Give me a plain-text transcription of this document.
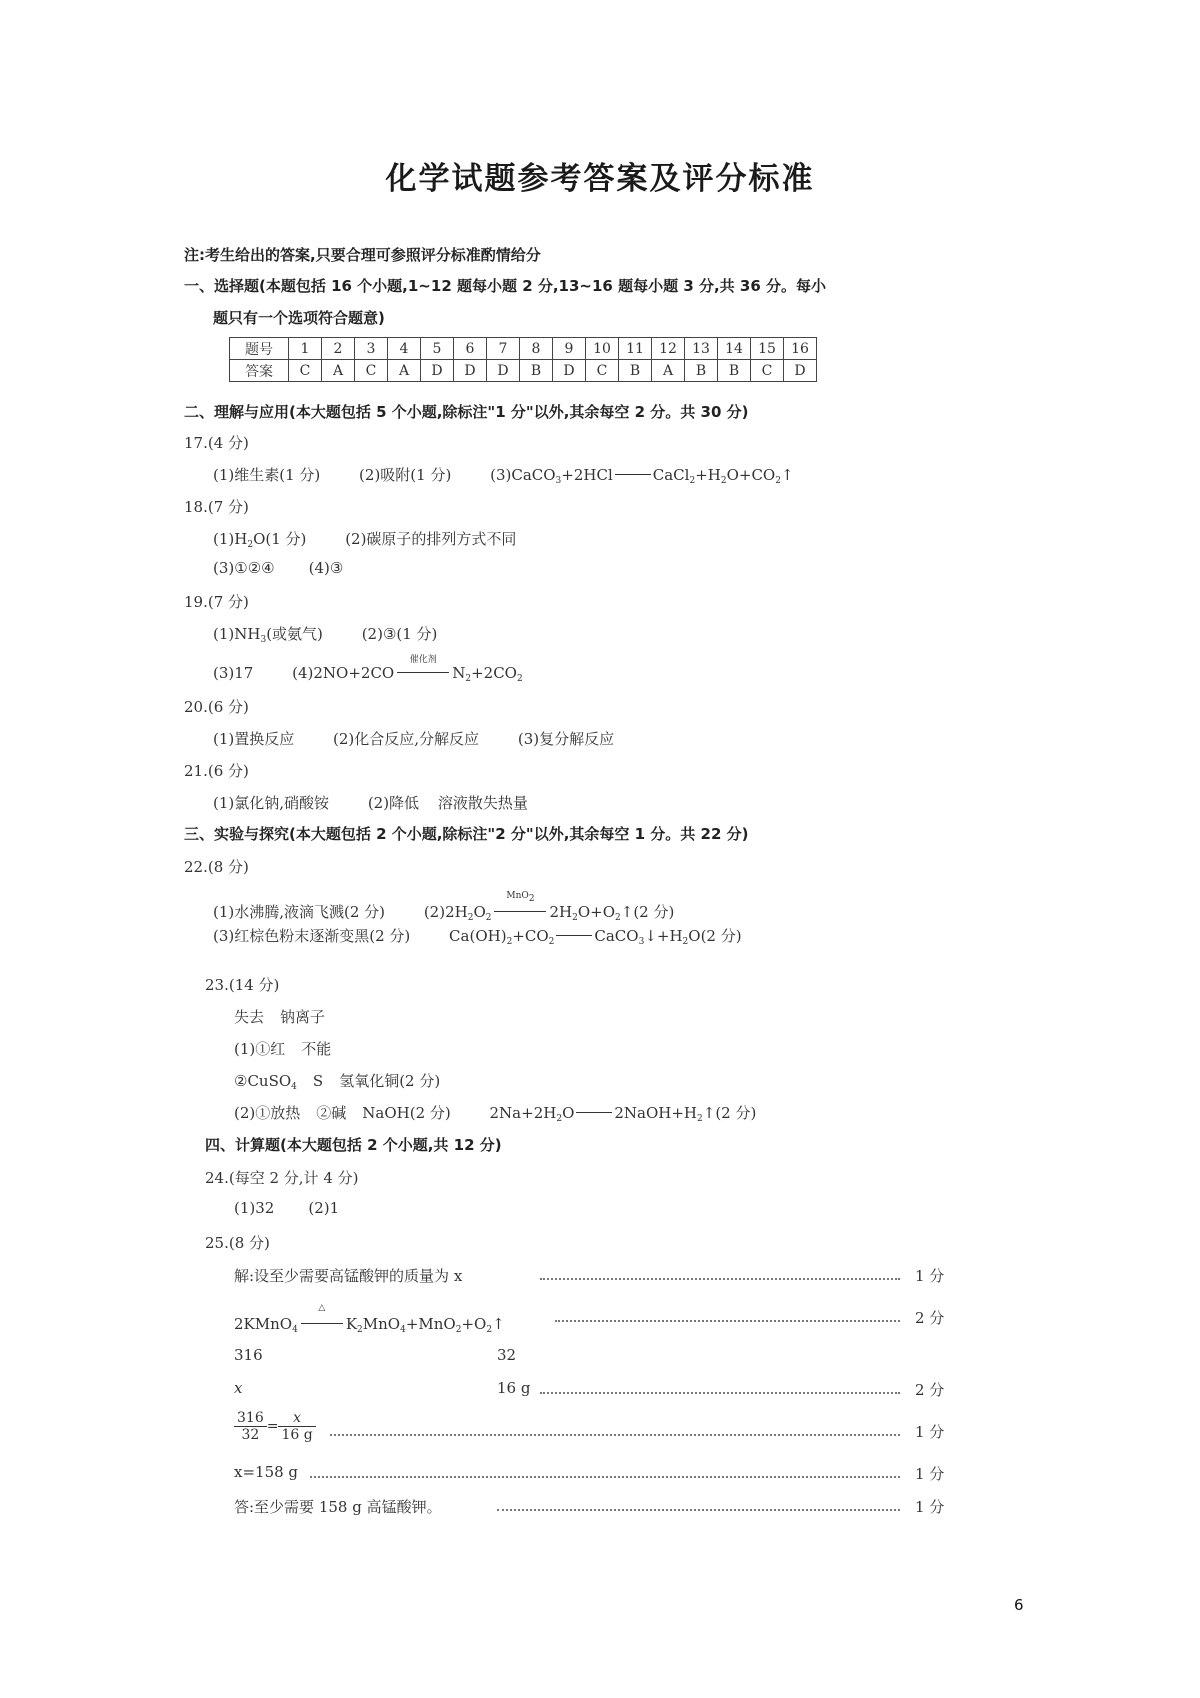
化学试题参考答案及评分标准
注:考生给出的答案,只要合理可参照评分标准酌情给分
一、选择题(本题包括 16 个小题,1~12 题每小题 2 分,13~16 题每小题 3 分,共 36 分。每小
题只有一个选项符合题意)
题号	1	2	3	4	5	6	7	8	9	10	11	12	13	14	15	16
答案	C	A	C	A	D	D	D	B	D	C	B	A	B	B	C	D
二、理解与应用(本大题包括 5 个小题,除标注"1 分"以外,其余每空 2 分。共 30 分)
17.(4 分)
(1)维生素(1 分)	(2)吸附(1 分)	(3)CaCO$_3$+2HCl	$CaCl_2+H_2O+CO_2↑$
18.(7 分)
$(1)H_2O(1$ 分)	(2)碳原子的排列方式不同
(3)①②④ (4)③
19.(7 分)
$(1)NH_3$(或氨气)	(2)③(1 分)
(3)17	(4)2NO+2CO
催化剂
$N_2+2CO_2$
20.(6 分)
(1)置换反应	(2)化合反应,分解反应	(3)复分解反应
21.(6 分)
(1)氯化钠,硝酸铵	(2)降低 溶液散失热量
三、实验与探究(本大题包括 2 个小题,除标注"2 分"以外,其余每空 1 分。共 22 分)
22.(8 分)
(1)水沸腾,液滴飞溅(2 分)	$(2)2H_2O_2$
MnO2
$2H_2O+O_2↑(2$ 分)
(3)红棕色粉末逐渐变黑(2 分)	$Ca(OH)_2+CO_2$	$CaCO_3↓+H_2O(2$ 分)
23.(14 分)
失去 钠离子
(1)①红 不能
②CuSO$_4$ S 氢氧化铜(2 分)
(2)①放热 ②碱 NaOH(2 分)	$2Na+2H_2O$	$2NaOH+H_2↑(2$ 分)
四、计算题(本大题包括 2 个小题,共 12 分)
24.(每空 2 分,计 4 分)
(1)32 (2)1
25.(8 分)
解:设至少需要高锰酸钾的质量为 x	1 分
2KMnO$_4$
△
$K_2MnO_4+MnO_2+O_2↑$	2 分
316	32
x	16 g	2 分
$\frac{316}{32} = \frac{x}{16 g}$	1 分
x=158 g	1 分
答:至少需要 158 g 高锰酸钾。	1 分
6
